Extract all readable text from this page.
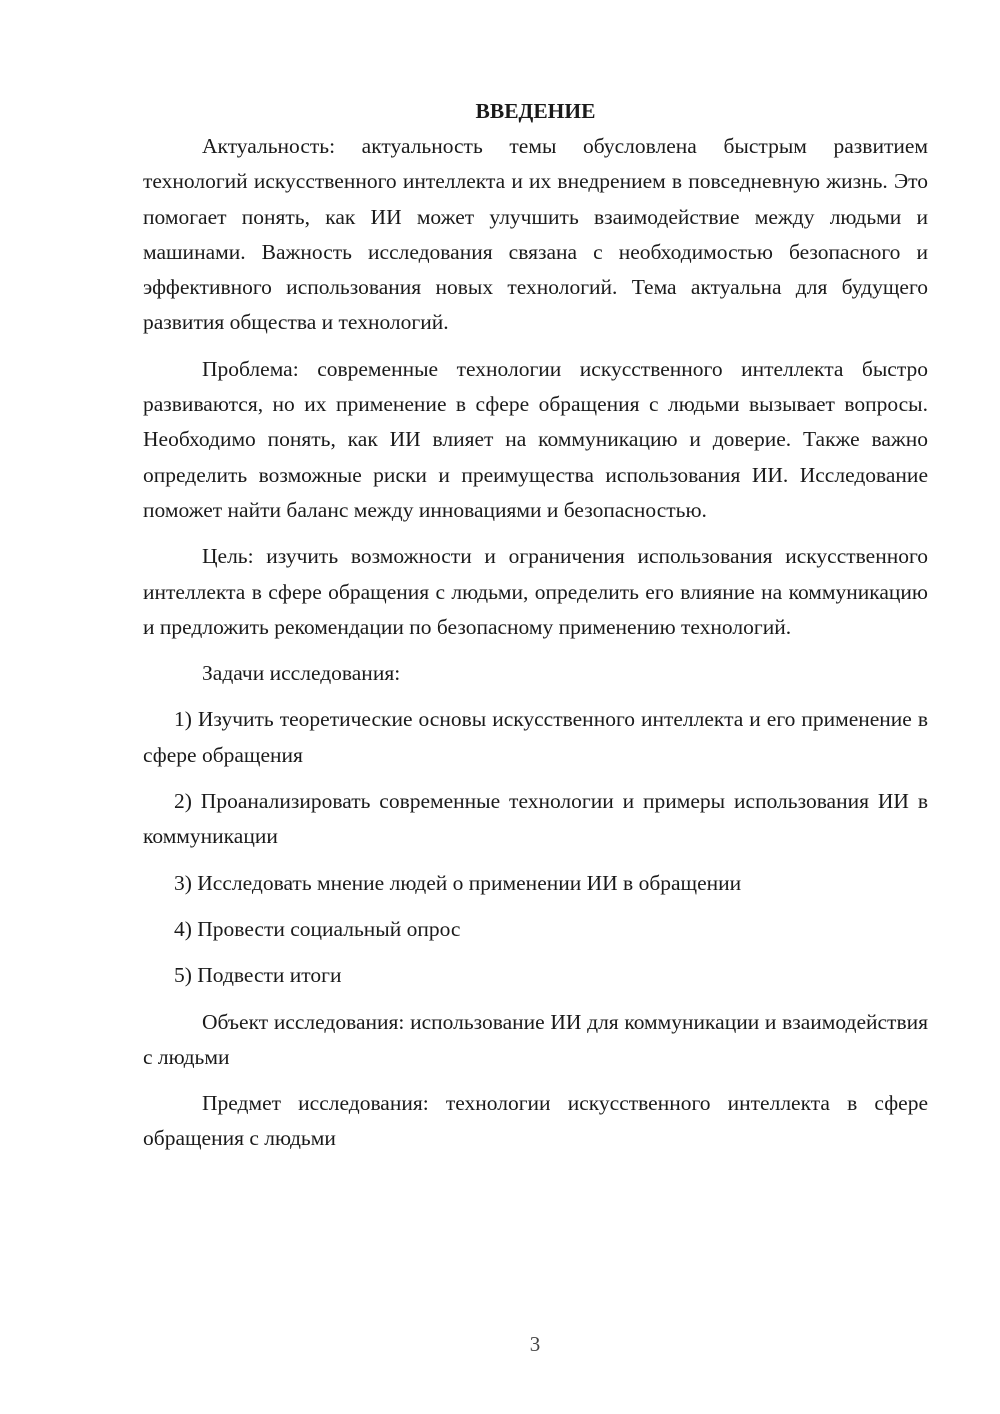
ВВЕДЕНИЕ

Актуальность: актуальность темы обусловлена быстрым развитием технологий искусственного интеллекта и их внедрением в повседневную жизнь. Это помогает понять, как ИИ может улучшить взаимодействие между людьми и машинами. Важность исследования связана с необходимостью безопасного и эффективного использования новых технологий. Тема актуальна для будущего развития общества и технологий.

Проблема: современные технологии искусственного интеллекта быстро развиваются, но их применение в сфере обращения с людьми вызывает вопросы. Необходимо понять, как ИИ влияет на коммуникацию и доверие. Также важно определить возможные риски и преимущества использования ИИ. Исследование поможет найти баланс между инновациями и безопасностью.

Цель: изучить возможности и ограничения использования искусственного интеллекта в сфере обращения с людьми, определить его влияние на коммуникацию и предложить рекомендации по безопасному применению технологий.

Задачи исследования:

1) Изучить теоретические основы искусственного интеллекта и его применение в сфере обращения

2) Проанализировать современные технологии и примеры использования ИИ в коммуникации

3) Исследовать мнение людей о применении ИИ в обращении

4) Провести социальный опрос

5) Подвести итоги

Объект исследования: использование ИИ для коммуникации и взаимодействия с людьми

Предмет исследования: технологии искусственного интеллекта в сфере обращения с людьми

3
